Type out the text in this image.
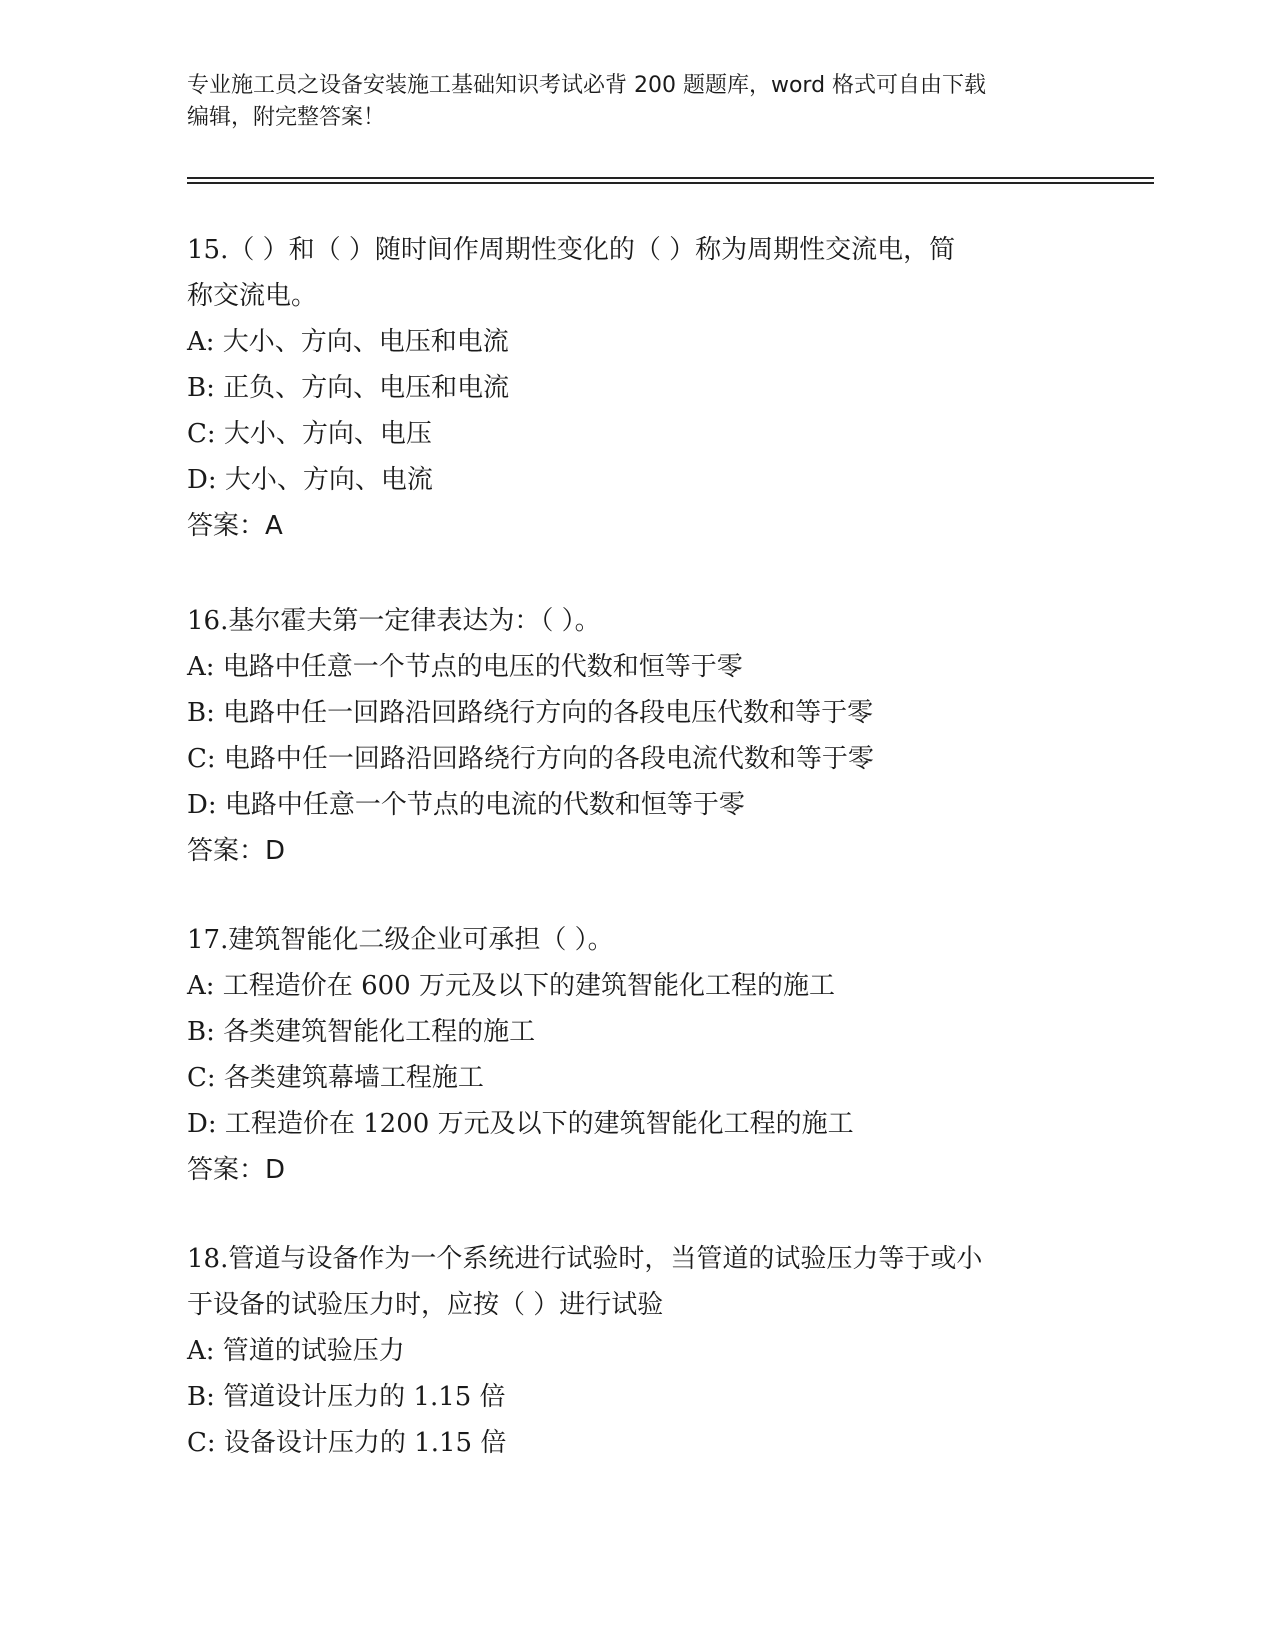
专业施工员之设备安装施工基础知识考试必背 200 题题库，word 格式可自由下载
编辑，附完整答案！
15.（ ）和（ ）随时间作周期性变化的（ ）称为周期性交流电，简
称交流电。
A: 大小、方向、电压和电流
B: 正负、方向、电压和电流
C: 大小、方向、电压
D: 大小、方向、电流
答案：A
16.基尔霍夫第一定律表达为：（ ）。
A: 电路中任意一个节点的电压的代数和恒等于零
B: 电路中任一回路沿回路绕行方向的各段电压代数和等于零
C: 电路中任一回路沿回路绕行方向的各段电流代数和等于零
D: 电路中任意一个节点的电流的代数和恒等于零
答案：D
17.建筑智能化二级企业可承担（ ）。
A: 工程造价在 600 万元及以下的建筑智能化工程的施工
B: 各类建筑智能化工程的施工
C: 各类建筑幕墙工程施工
D: 工程造价在 1200 万元及以下的建筑智能化工程的施工
答案：D
18.管道与设备作为一个系统进行试验时，当管道的试验压力等于或小
于设备的试验压力时，应按（ ）进行试验
A: 管道的试验压力
B: 管道设计压力的 1.15 倍
C: 设备设计压力的 1.15 倍
